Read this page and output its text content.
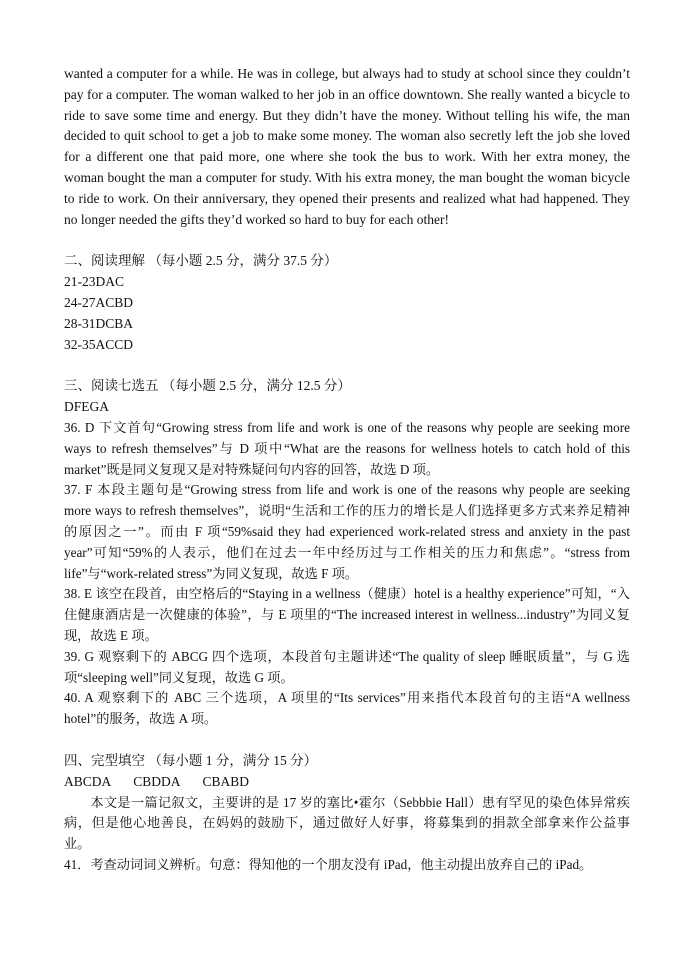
wanted a computer for a while. He was in college, but always had to study at school since they couldn’t pay for a computer. The woman walked to her job in an office downtown. She really wanted a bicycle to ride to save some time and energy. But they didn’t have the money. Without telling his wife, the man decided to quit school to get a job to make some money. The woman also secretly left the job she loved for a different one that paid more, one where she took the bus to work. With her extra money, the woman bought the man a computer for study. With his extra money, the man bought the woman bicycle to ride to work. On their anniversary, they opened their presents and realized what had happened. They no longer needed the gifts they’d worked so hard to buy for each other!

二、阅读理解 （每小题 2.5 分，满分 37.5 分）

21-23DAC

24-27ACBD

28-31DCBA

32-35ACCD

三、阅读七选五 （每小题 2.5 分，满分 12.5 分）

DFEGA

36. D 下文首句“Growing stress from life and work is one of the reasons why people are seeking more ways to refresh themselves”与 D 项中“What are the reasons for wellness hotels to catch hold of this market”既是同义复现又是对特殊疑问句内容的回答，故选 D 项。

37. F 本段主题句是“Growing stress from life and work is one of the reasons why people are seeking more ways to refresh themselves”，说明“生活和工作的压力的增长是人们选择更多方式来养足精神的原因之一”。而由 F 项“59%said they had experienced work-related stress and anxiety in the past year”可知“59%的人表示，他们在过去一年中经历过与工作相关的压力和焦虑”。“stress from life”与“work-related stress”为同义复现，故选 F 项。

38. E 该空在段首，由空格后的“Staying in a wellness（健康）hotel is a healthy experience”可知，“入住健康酒店是一次健康的体验”，与 E 项里的“The increased interest in wellness...industry”为同义复现，故选 E 项。

39. G 观察剩下的 ABCG 四个选项，本段首句主题讲述“The quality of sleep 睡眠质量”，与 G 选项“sleeping well”同义复现，故选 G 项。

40. A 观察剩下的 ABC 三个选项，A 项里的“Its services”用来指代本段首句的主语“A wellness hotel”的服务，故选 A 项。

四、完型填空 （每小题 1 分，满分 15 分）

ABCDA CBDDA CBABD

本文是一篇记叙文，主要讲的是 17 岁的塞比•霍尔（Sebbbie Hall）患有罕见的染色体异常疾病，但是他心地善良，在妈妈的鼓励下，通过做好人好事，将募集到的捐款全部拿来作公益事业。

41．考查动词词义辨析。句意：得知他的一个朋友没有 iPad，他主动提出放弃自己的 iPad。
